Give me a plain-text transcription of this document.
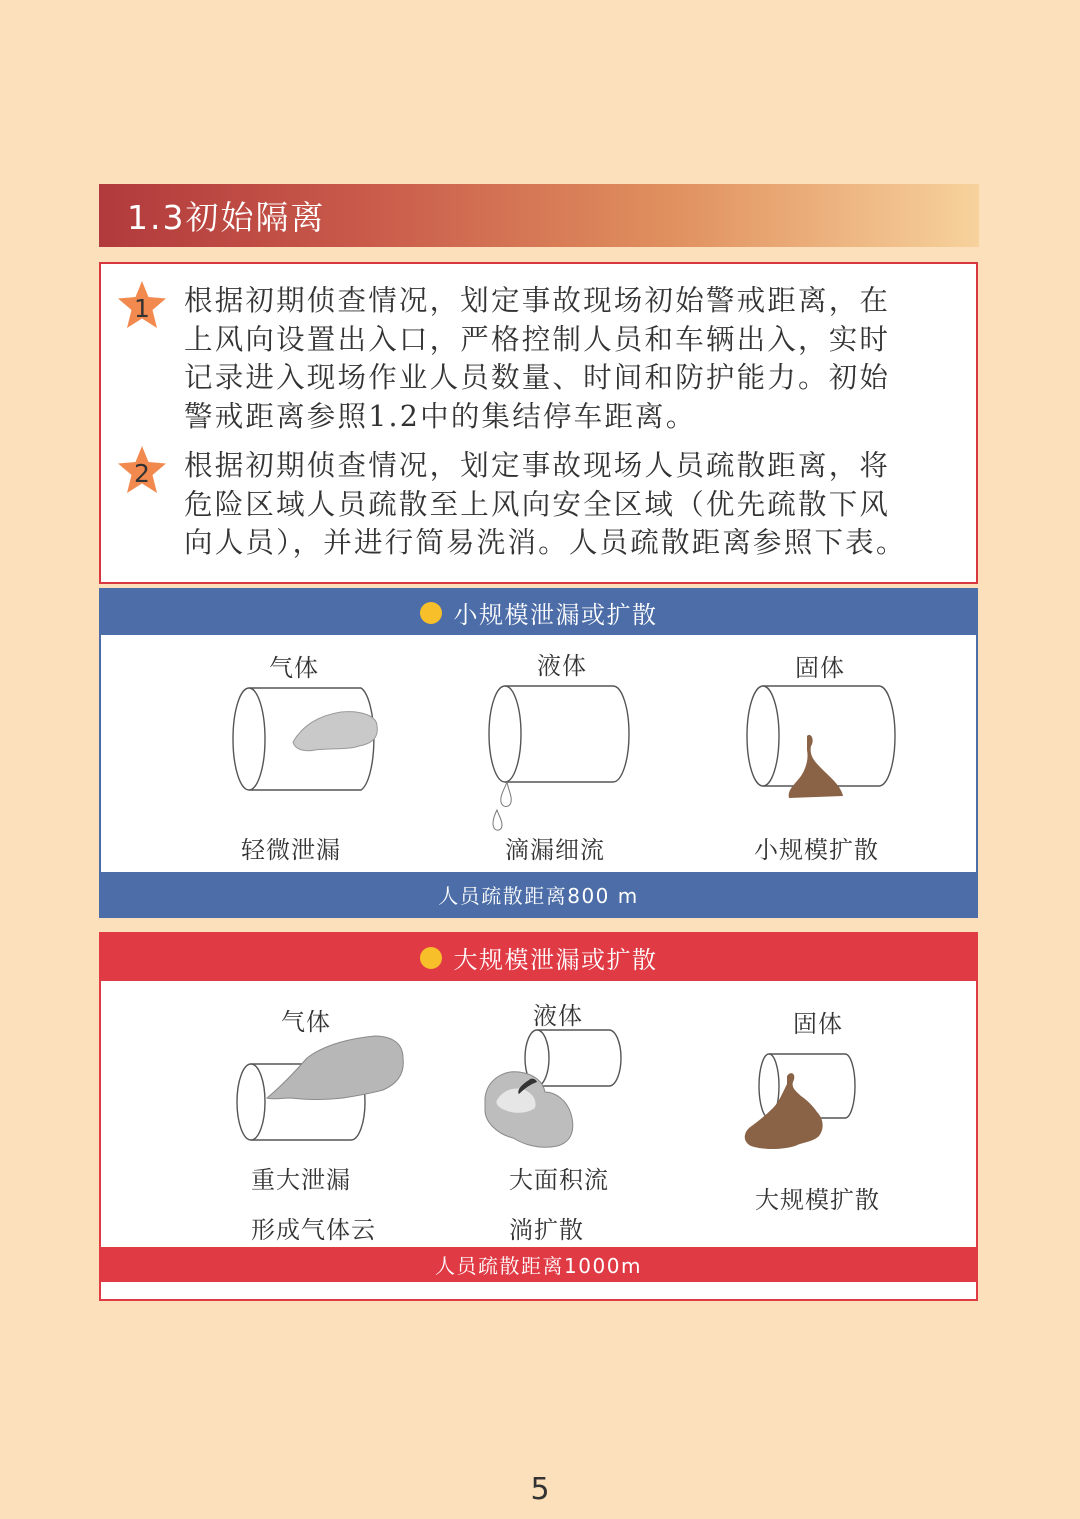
1.3初始隔离
1	根据初期侦查情况，划定事故现场初始警戒距离，在
上风向设置出入口，严格控制人员和车辆出入，实时
记录进入现场作业人员数量、时间和防护能力。初始
警戒距离参照1.2中的集结停车距离。
2	根据初期侦查情况，划定事故现场人员疏散距离，将
危险区域人员疏散至上风向安全区域（优先疏散下风
向人员），并进行简易洗消。人员疏散距离参照下表。
小规模泄漏或扩散
气体	液体	固体
轻微泄漏	滴漏细流	小规模扩散
人员疏散距离800 m
大规模泄漏或扩散
气体	液体	固体
重大泄漏
形成气体云
大面积流
淌扩散
大规模扩散
人员疏散距离1000m
5
